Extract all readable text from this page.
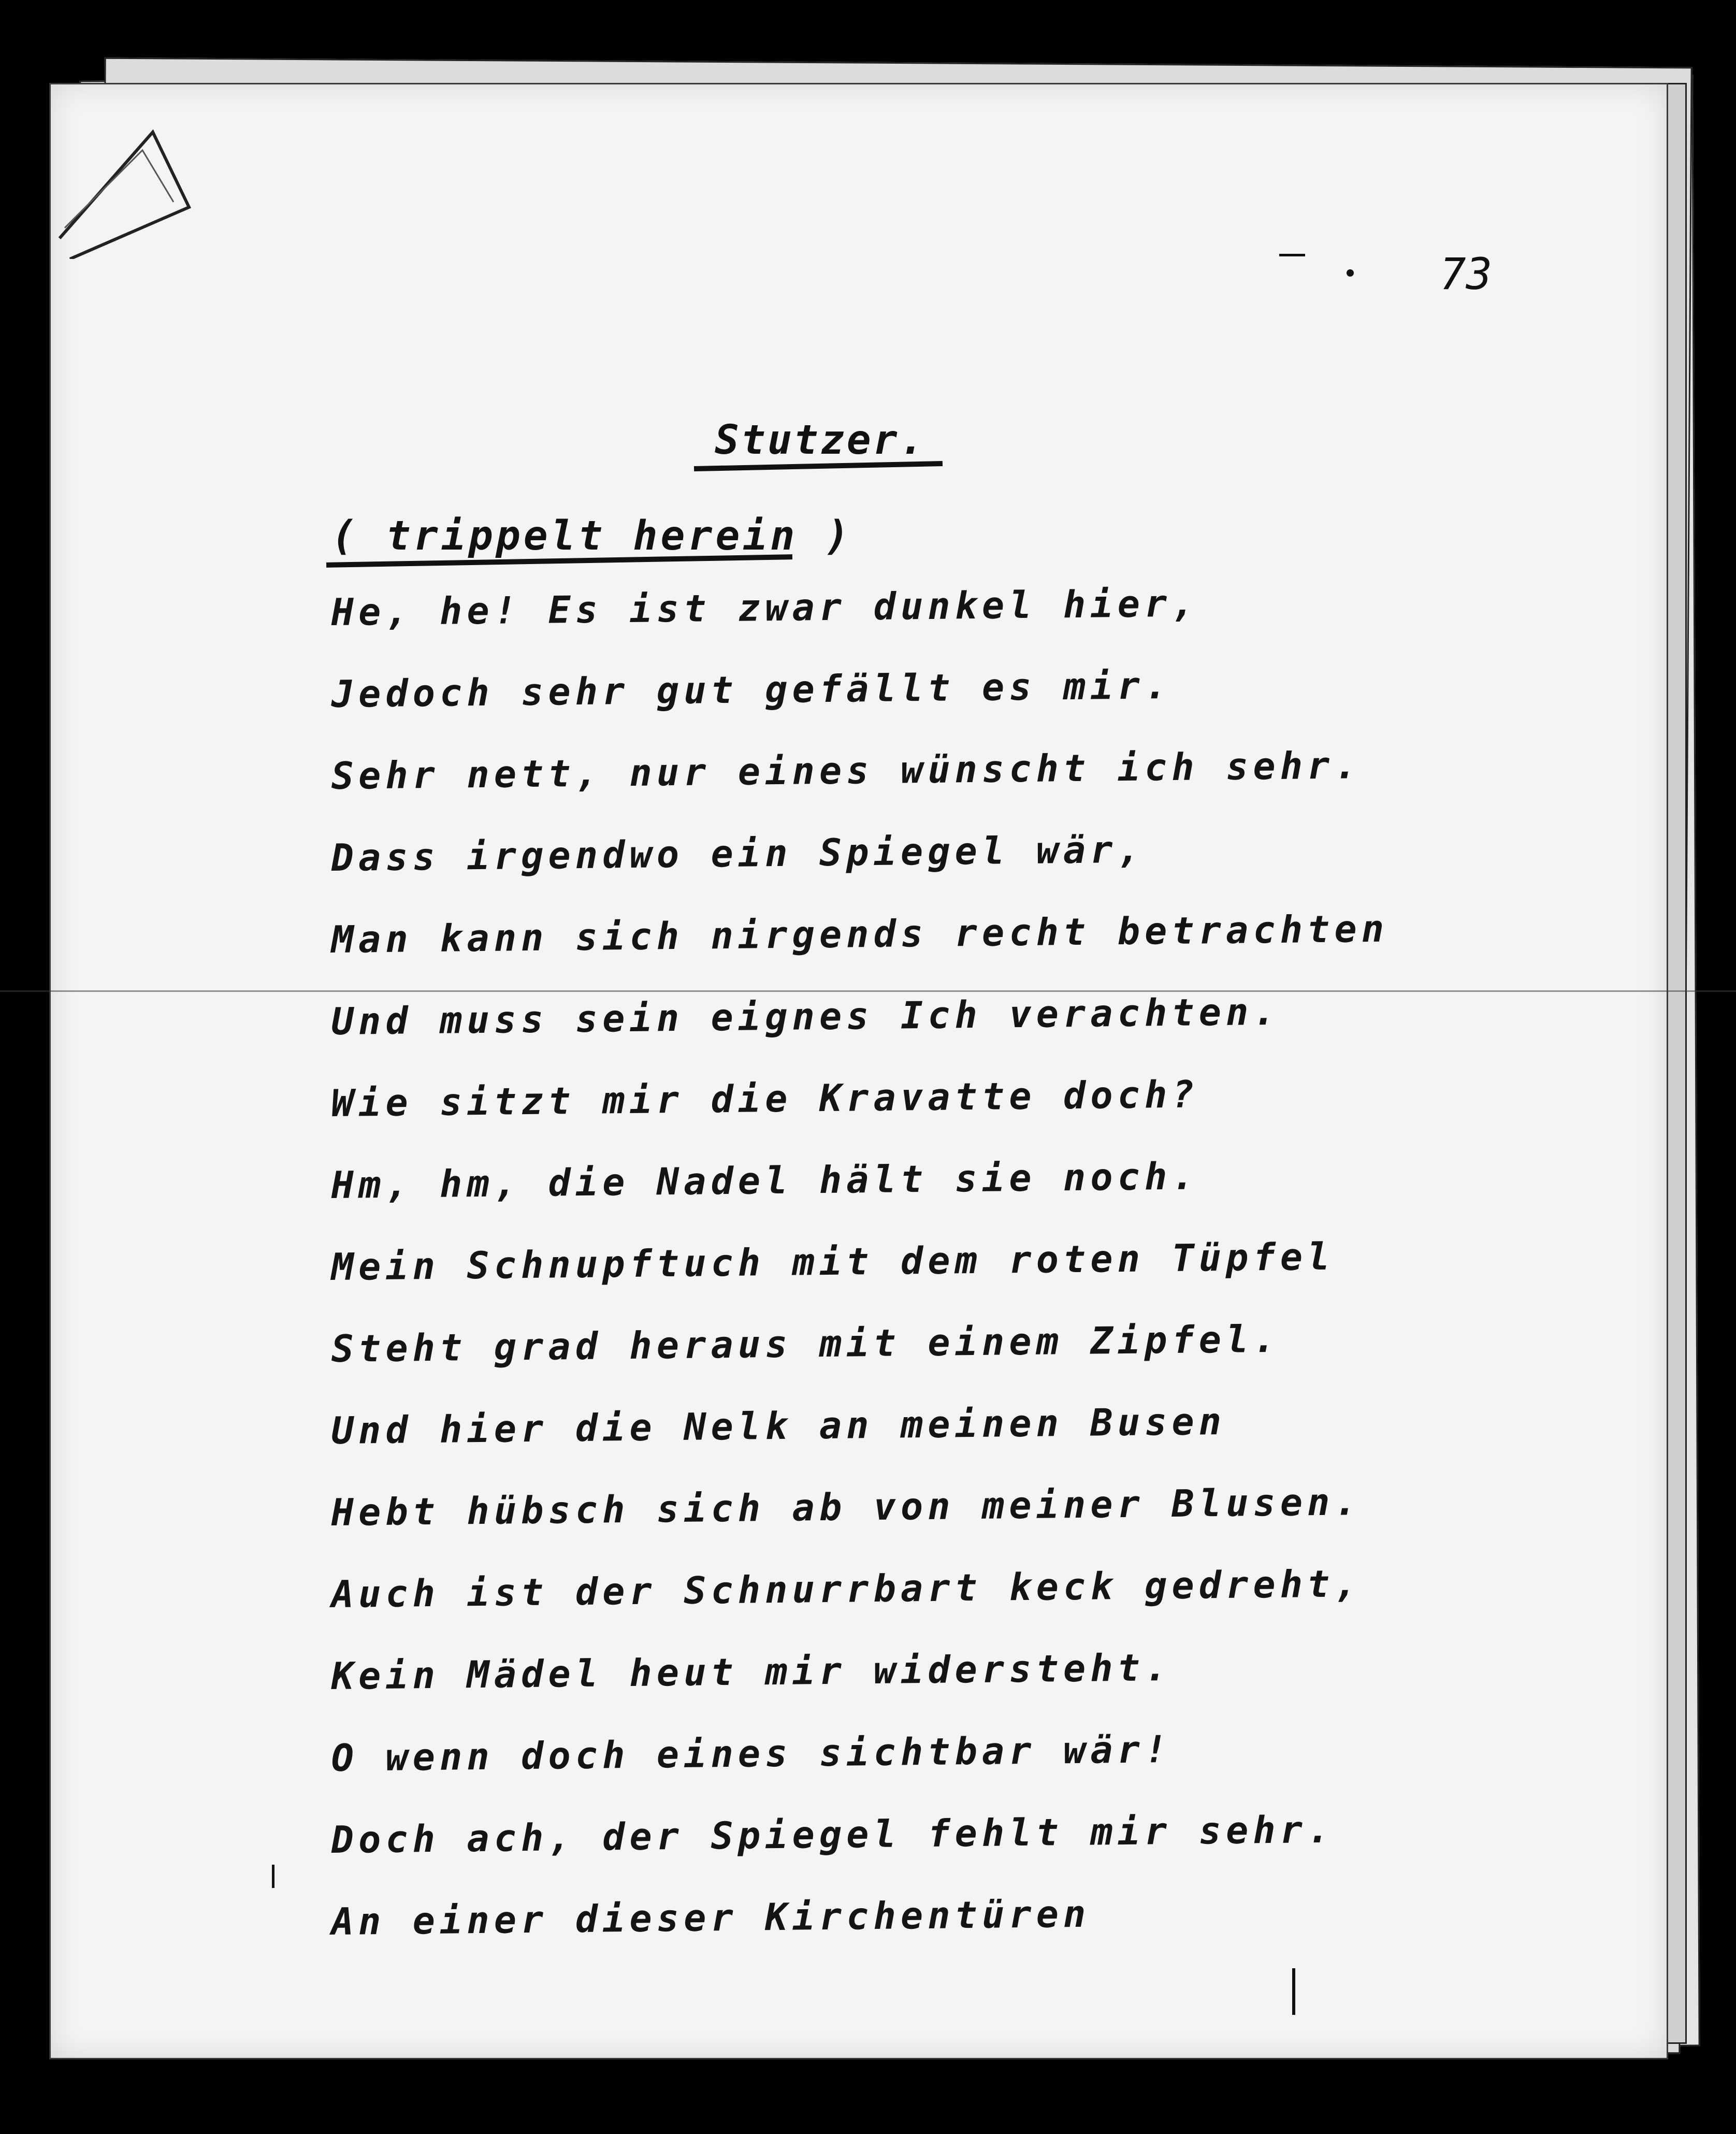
73
Stutzer.
( trippelt herein )
He, he! Es ist zwar dunkel hier,
Jedoch sehr gut gefällt es mir.
Sehr nett, nur eines wünscht ich sehr.
Dass irgendwo ein Spiegel wär,
Man kann sich nirgends recht betrachten
Und muss sein eignes Ich verachten.
Wie sitzt mir die Kravatte doch?
Hm, hm, die Nadel hält sie noch.
Mein Schnupftuch mit dem roten Tüpfel
Steht grad heraus mit einem Zipfel.
Und hier die Nelk an meinen Busen
Hebt hübsch sich ab von meiner Blusen.
Auch ist der Schnurrbart keck gedreht,
Kein Mädel heut mir widersteht.
O wenn doch eines sichtbar wär!
Doch ach, der Spiegel fehlt mir sehr.
An einer dieser Kirchentüren
